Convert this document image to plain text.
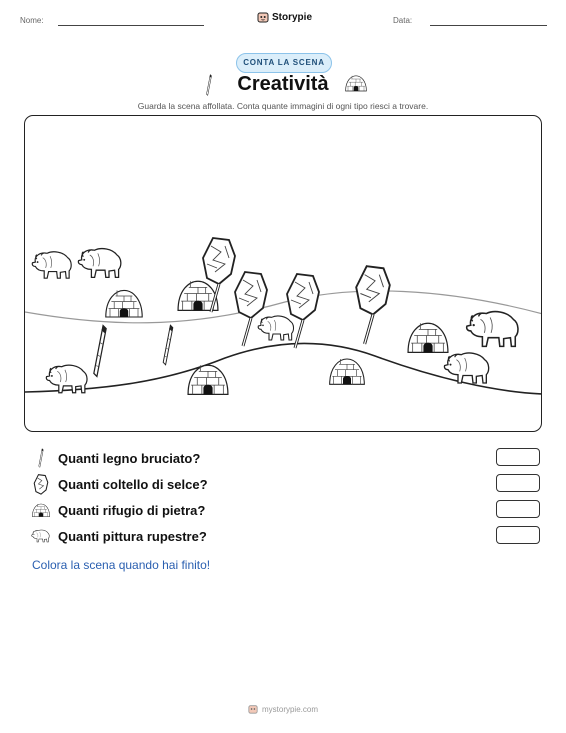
Nome:	Storypie	Data:
CONTA LA SCENA
Creatività
Guarda la scena affollata. Conta quante immagini di ogni tipo riesci a trovare.
Quanti legno bruciato?
Quanti coltello di selce?
Quanti rifugio di pietra?
Quanti pittura rupestre?
Colora la scena quando hai finito!
mystorypie.com
